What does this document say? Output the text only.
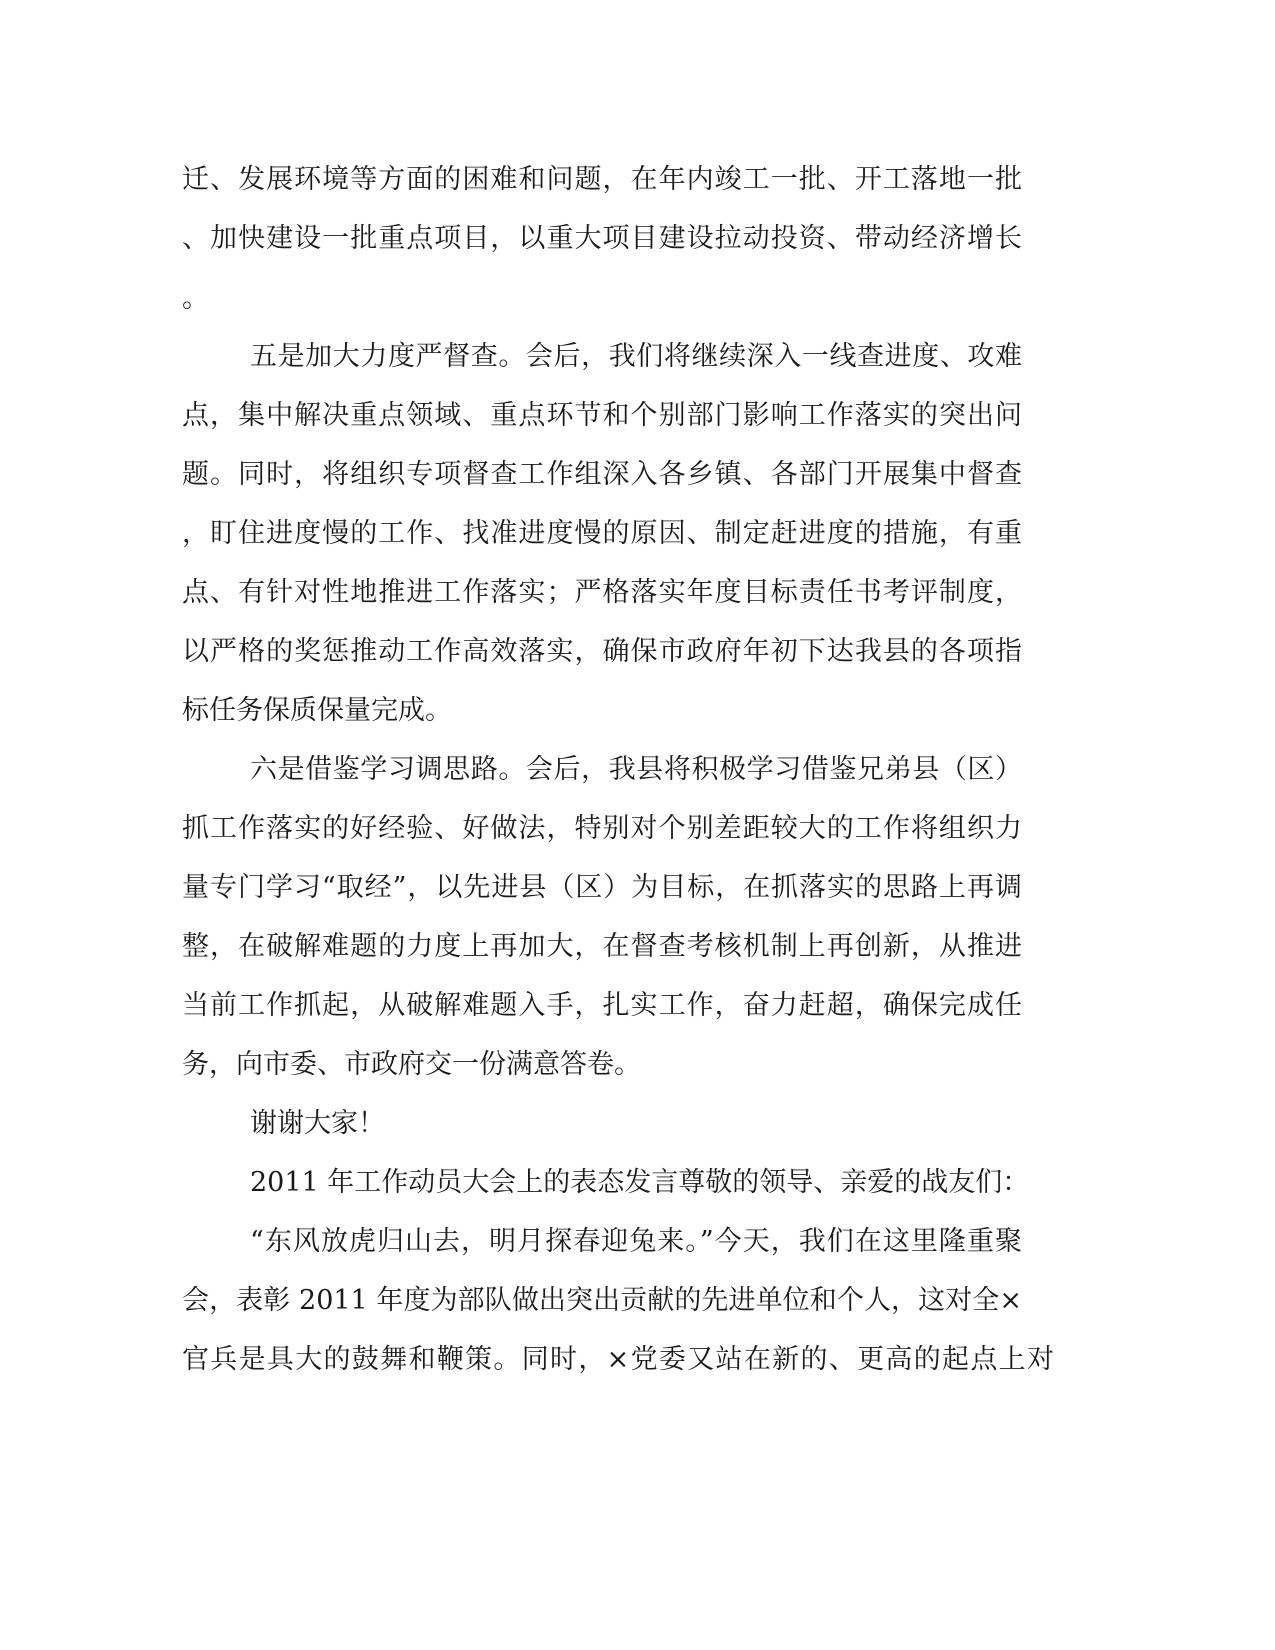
迁、发展环境等方面的困难和问题，在年内竣工一批、开工落地一批

、加快建设一批重点项目，以重大项目建设拉动投资、带动经济增长

。

五是加大力度严督查。会后，我们将继续深入一线查进度、攻难

点，集中解决重点领域、重点环节和个别部门影响工作落实的突出问

题。同时，将组织专项督查工作组深入各乡镇、各部门开展集中督查

，盯住进度慢的工作、找准进度慢的原因、制定赶进度的措施，有重

点、有针对性地推进工作落实；严格落实年度目标责任书考评制度，

以严格的奖惩推动工作高效落实，确保市政府年初下达我县的各项指

标任务保质保量完成。

六是借鉴学习调思路。会后，我县将积极学习借鉴兄弟县（区）

抓工作落实的好经验、好做法，特别对个别差距较大的工作将组织力

量专门学习“取经”，以先进县（区）为目标，在抓落实的思路上再调

整，在破解难题的力度上再加大，在督查考核机制上再创新，从推进

当前工作抓起，从破解难题入手，扎实工作，奋力赶超，确保完成任

务，向市委、市政府交一份满意答卷。

谢谢大家！

2011 年工作动员大会上的表态发言尊敬的领导、亲爱的战友们：

“东风放虎归山去，明月探春迎兔来。”今天，我们在这里隆重聚

会，表彰 2011 年度为部队做出突出贡献的先进单位和个人，这对全×

官兵是具大的鼓舞和鞭策。同时，×党委又站在新的、更高的起点上对
